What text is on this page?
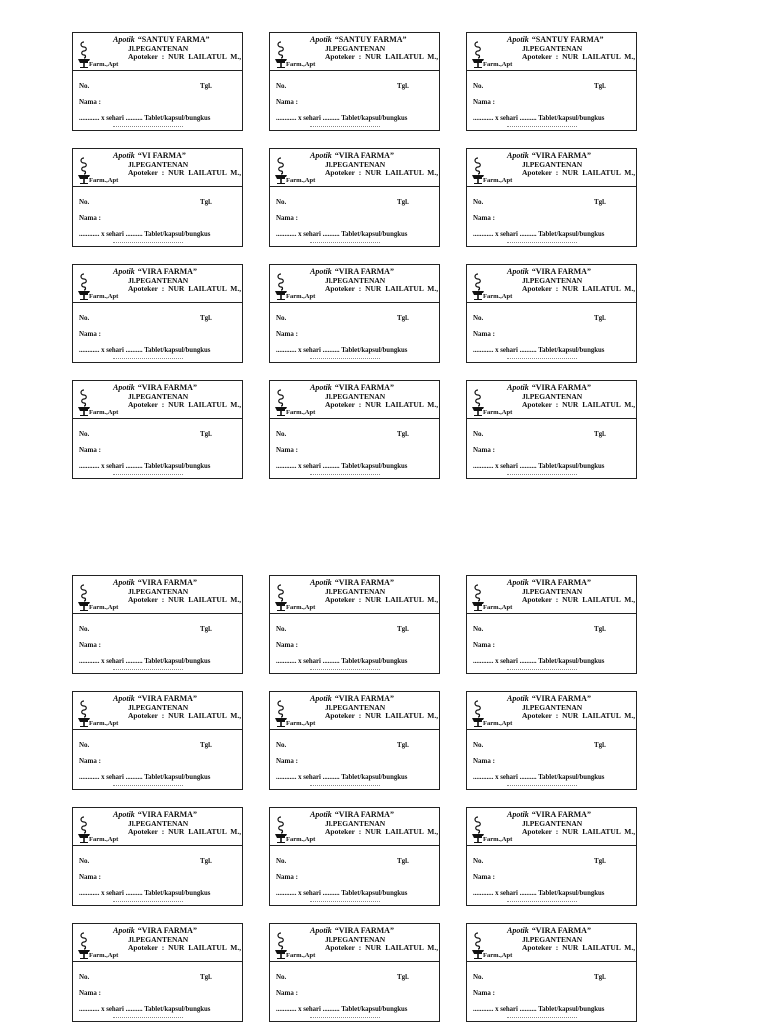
Apotik “SANTUY FARMA”
Jl.PEGANTENAN
Apoteker : NUR LAILATUL M.,
Farm.,Apt
No.	Tgl.
Nama :
............ x sehari .......... Tablet/kapsul/bungkus
Apotik “SANTUY FARMA”
Jl.PEGANTENAN
Apoteker : NUR LAILATUL M.,
Farm.,Apt
No.	Tgl.
Nama :
............ x sehari .......... Tablet/kapsul/bungkus
Apotik “SANTUY FARMA”
Jl.PEGANTENAN
Apoteker : NUR LAILATUL M.,
Farm.,Apt
No.	Tgl.
Nama :
............ x sehari .......... Tablet/kapsul/bungkus
Apotik “VI FARMA”
Jl.PEGANTENAN
Apoteker : NUR LAILATUL M.,
Farm.,Apt
No.	Tgl.
Nama :
............ x sehari .......... Tablet/kapsul/bungkus
Apotik “VIRA FARMA”
Jl.PEGANTENAN
Apoteker : NUR LAILATUL M.,
Farm.,Apt
No.	Tgl.
Nama :
............ x sehari .......... Tablet/kapsul/bungkus
Apotik “VIRA FARMA”
Jl.PEGANTENAN
Apoteker : NUR LAILATUL M.,
Farm.,Apt
No.	Tgl.
Nama :
............ x sehari .......... Tablet/kapsul/bungkus
Apotik “VIRA FARMA”
Jl.PEGANTENAN
Apoteker : NUR LAILATUL M.,
Farm.,Apt
No.	Tgl.
Nama :
............ x sehari .......... Tablet/kapsul/bungkus
Apotik “VIRA FARMA”
Jl.PEGANTENAN
Apoteker : NUR LAILATUL M.,
Farm.,Apt
No.	Tgl.
Nama :
............ x sehari .......... Tablet/kapsul/bungkus
Apotik “VIRA FARMA”
Jl.PEGANTENAN
Apoteker : NUR LAILATUL M.,
Farm.,Apt
No.	Tgl.
Nama :
............ x sehari .......... Tablet/kapsul/bungkus
Apotik “VIRA FARMA”
Jl.PEGANTENAN
Apoteker : NUR LAILATUL M.,
Farm.,Apt
No.	Tgl.
Nama :
............ x sehari .......... Tablet/kapsul/bungkus
Apotik “VIRA FARMA”
Jl.PEGANTENAN
Apoteker : NUR LAILATUL M.,
Farm.,Apt
No.	Tgl.
Nama :
............ x sehari .......... Tablet/kapsul/bungkus
Apotik “VIRA FARMA”
Jl.PEGANTENAN
Apoteker : NUR LAILATUL M.,
Farm.,Apt
No.	Tgl.
Nama :
............ x sehari .......... Tablet/kapsul/bungkus
Apotik “VIRA FARMA”
Jl.PEGANTENAN
Apoteker : NUR LAILATUL M.,
Farm.,Apt
No.	Tgl.
Nama :
............ x sehari .......... Tablet/kapsul/bungkus
Apotik “VIRA FARMA”
Jl.PEGANTENAN
Apoteker : NUR LAILATUL M.,
Farm.,Apt
No.	Tgl.
Nama :
............ x sehari .......... Tablet/kapsul/bungkus
Apotik “VIRA FARMA”
Jl.PEGANTENAN
Apoteker : NUR LAILATUL M.,
Farm.,Apt
No.	Tgl.
Nama :
............ x sehari .......... Tablet/kapsul/bungkus
Apotik “VIRA FARMA”
Jl.PEGANTENAN
Apoteker : NUR LAILATUL M.,
Farm.,Apt
No.	Tgl.
Nama :
............ x sehari .......... Tablet/kapsul/bungkus
Apotik “VIRA FARMA”
Jl.PEGANTENAN
Apoteker : NUR LAILATUL M.,
Farm.,Apt
No.	Tgl.
Nama :
............ x sehari .......... Tablet/kapsul/bungkus
Apotik “VIRA FARMA”
Jl.PEGANTENAN
Apoteker : NUR LAILATUL M.,
Farm.,Apt
No.	Tgl.
Nama :
............ x sehari .......... Tablet/kapsul/bungkus
Apotik “VIRA FARMA”
Jl.PEGANTENAN
Apoteker : NUR LAILATUL M.,
Farm.,Apt
No.	Tgl.
Nama :
............ x sehari .......... Tablet/kapsul/bungkus
Apotik “VIRA FARMA”
Jl.PEGANTENAN
Apoteker : NUR LAILATUL M.,
Farm.,Apt
No.	Tgl.
Nama :
............ x sehari .......... Tablet/kapsul/bungkus
Apotik “VIRA FARMA”
Jl.PEGANTENAN
Apoteker : NUR LAILATUL M.,
Farm.,Apt
No.	Tgl.
Nama :
............ x sehari .......... Tablet/kapsul/bungkus
Apotik “VIRA FARMA”
Jl.PEGANTENAN
Apoteker : NUR LAILATUL M.,
Farm.,Apt
No.	Tgl.
Nama :
............ x sehari .......... Tablet/kapsul/bungkus
Apotik “VIRA FARMA”
Jl.PEGANTENAN
Apoteker : NUR LAILATUL M.,
Farm.,Apt
No.	Tgl.
Nama :
............ x sehari .......... Tablet/kapsul/bungkus
Apotik “VIRA FARMA”
Jl.PEGANTENAN
Apoteker : NUR LAILATUL M.,
Farm.,Apt
No.	Tgl.
Nama :
............ x sehari .......... Tablet/kapsul/bungkus
